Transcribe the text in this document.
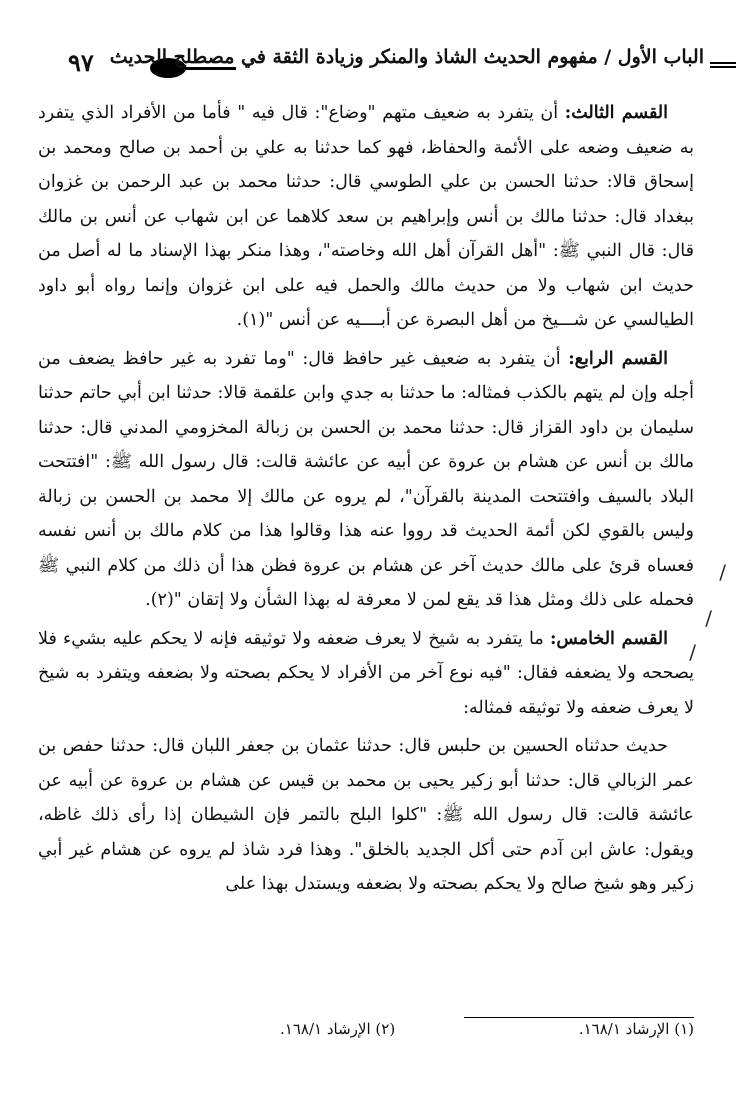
٩٧ الباب الأول / مفهوم الحديث الشاذ والمنكر وزيادة الثقة في مصطلح الحديث

القسم الثالث: أن يتفرد به ضعيف متهم "وضاع": قال فيه " فأما من الأفراد الذي يتفرد به ضعيف وضعه على الأئمة والحفاظ، فهو كما حدثنا به علي بن أحمد بن صالح ومحمد بن إسحاق قالا: حدثنا الحسن بن علي الطوسي قال: حدثنا محمد بن عبد الرحمن بن غزوان ببغداد قال: حدثنا مالك بن أنس وإبراهيم بن سعد كلاهما عن ابن شهاب عن أنس بن مالك قال: قال النبي ﷺ: "أهل القرآن أهل الله وخاصته"، وهذا منكر بهذا الإسناد ما له أصل من حديث ابن شهاب ولا من حديث مالك والحمل فيه على ابن غزوان وإنما رواه أبو داود الطيالسي عن شـــيخ من أهل البصرة عن أبــــيه عن أنس "(١).

القسم الرابع: أن يتفرد به ضعيف غير حافظ قال: "وما تفرد به غير حافظ يضعف من أجله وإن لم يتهم بالكذب فمثاله: ما حدثنا به جدي وابن علقمة قالا: حدثنا ابن أبي حاتم حدثنا سليمان بن داود القزاز قال: حدثنا محمد بن الحسن بن زبالة المخزومي المدني قال: حدثنا مالك بن أنس عن هشام بن عروة عن أبيه عن عائشة قالت: قال رسول الله ﷺ: "افتتحت البلاد بالسيف وافتتحت المدينة بالقرآن"، لم يروه عن مالك إلا محمد بن الحسن بن زبالة وليس بالقوي لكن أئمة الحديث قد رووا عنه هذا وقالوا هذا من كلام مالك بن أنس نفسه فعساه قرئ على مالك حديث آخر عن هشام بن عروة فظن هذا أن ذلك من كلام النبي ﷺ فحمله على ذلك ومثل هذا قد يقع لمن لا معرفة له بهذا الشأن ولا إتقان "(٢).

القسم الخامس: ما يتفرد به شيخ لا يعرف ضعفه ولا توثيقه فإنه لا يحكم عليه بشيء فلا يصححه ولا يضعفه فقال: "فيه نوع آخر من الأفراد لا يحكم بصحته ولا بضعفه ويتفرد به شيخ لا يعرف ضعفه ولا توثيقه فمثاله:

حديث حدثناه الحسين بن حلبس قال: حدثنا عثمان بن جعفر اللبان قال: حدثنا حفص بن عمر الزبالي قال: حدثنا أبو زكير يحيى بن محمد بن قيس عن هشام بن عروة عن أبيه عن عائشة قالت: قال رسول الله ﷺ: "كلوا البلح بالتمر فإن الشيطان إذا رأى ذلك غاظه، ويقول: عاش ابن آدم حتى أكل الجديد بالخلق". وهذا فرد شاذ لم يروه عن هشام غير أبي زكير وهو شيخ صالح ولا يحكم بصحته ولا بضعفه ويستدل بهذا على

/
/
/
(١) الإرشاد ١٦٨/١.
(٢) الإرشاد ١٦٨/١.
